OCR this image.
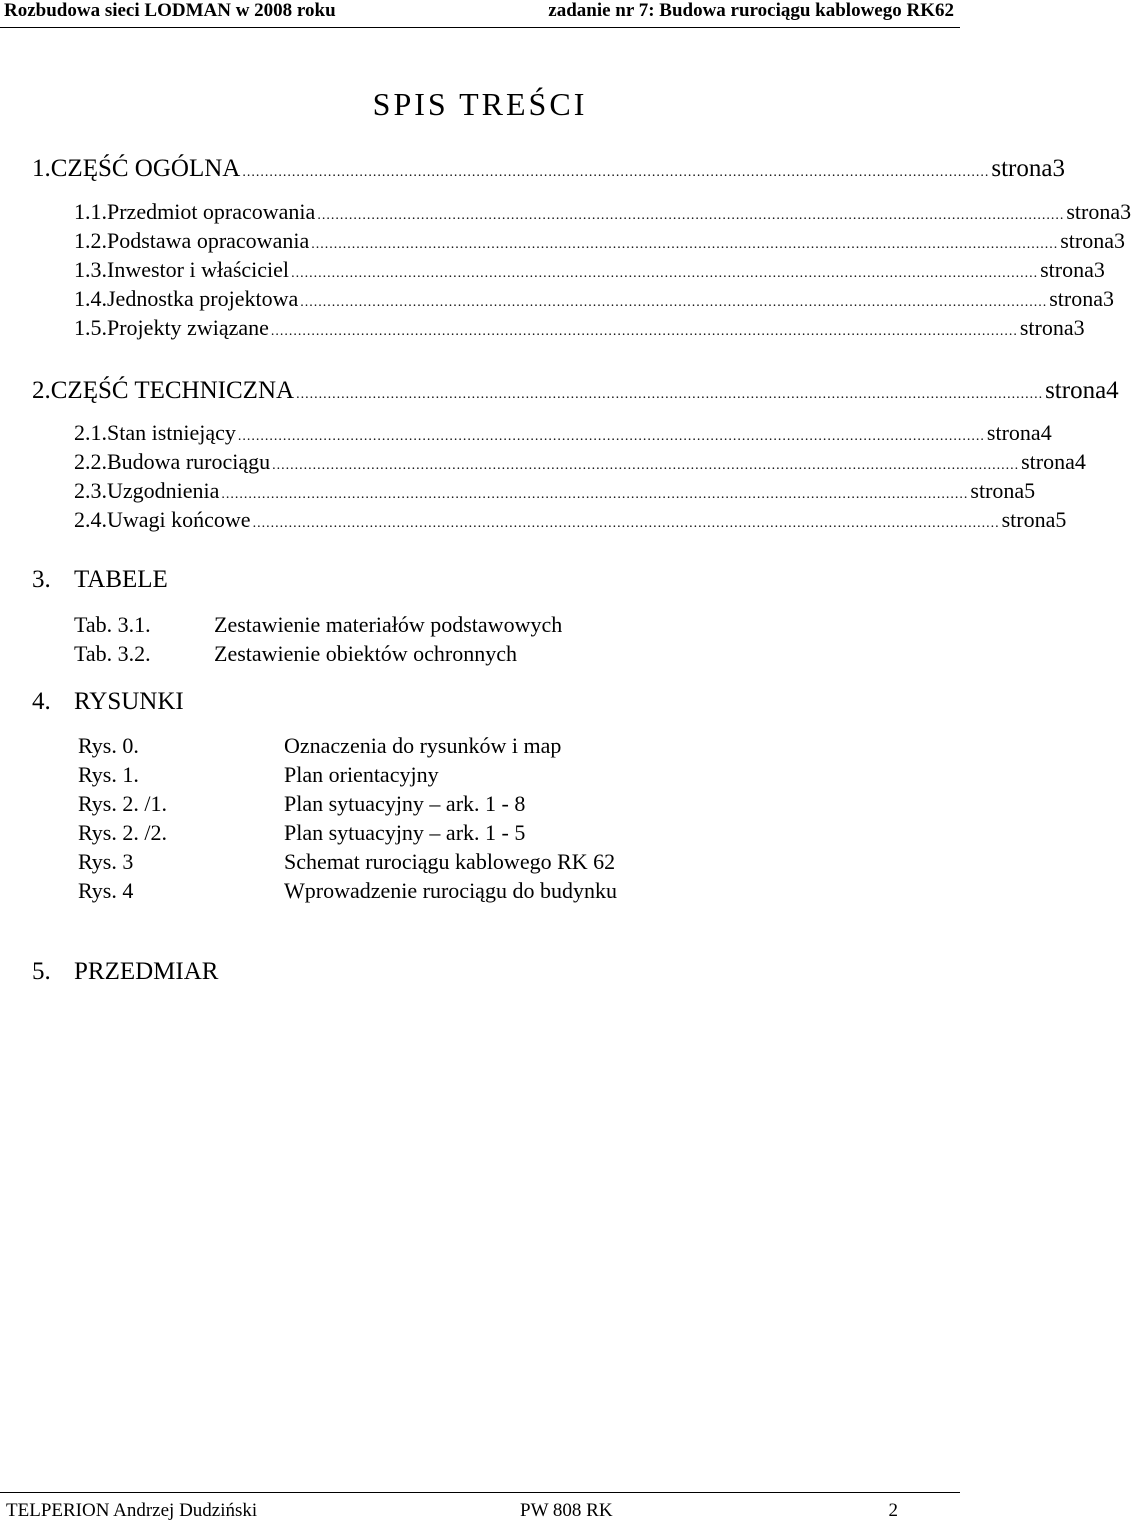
Rozbudowa sieci LODMAN w 2008 roku	zadanie nr 7: Budowa rurociągu kablowego RK62
SPIS TREŚCI
1. CZĘŚĆ OGÓLNA ...................................................................................................................................................................... strona 3
1.1. Przedmiot opracowania ...................................................................................................................................................................... strona 3
1.2. Podstawa opracowania ...................................................................................................................................................................... strona 3
1.3. Inwestor i właściciel ...................................................................................................................................................................... strona 3
1.4. Jednostka projektowa ...................................................................................................................................................................... strona 3
1.5. Projekty związane ...................................................................................................................................................................... strona 3
2. CZĘŚĆ TECHNICZNA ...................................................................................................................................................................... strona 4
2.1. Stan istniejący ...................................................................................................................................................................... strona 4
2.2. Budowa rurociągu ...................................................................................................................................................................... strona 4
2.3. Uzgodnienia ...................................................................................................................................................................... strona 5
2.4. Uwagi końcowe ...................................................................................................................................................................... strona 5
3. TABELE
Tab. 3.1.	Zestawienie materiałów podstawowych
Tab. 3.2.	Zestawienie obiektów ochronnych
4. RYSUNKI
Rys. 0.	Oznaczenia do rysunków i map
Rys. 1.	Plan orientacyjny
Rys. 2. /1.	Plan sytuacyjny – ark. 1 - 8
Rys. 2. /2.	Plan sytuacyjny – ark. 1 - 5
Rys. 3	Schemat rurociągu kablowego RK 62
Rys. 4	Wprowadzenie rurociągu do budynku
5. PRZEDMIAR
TELPERION Andrzej Dudziński	PW 808 RK	2
